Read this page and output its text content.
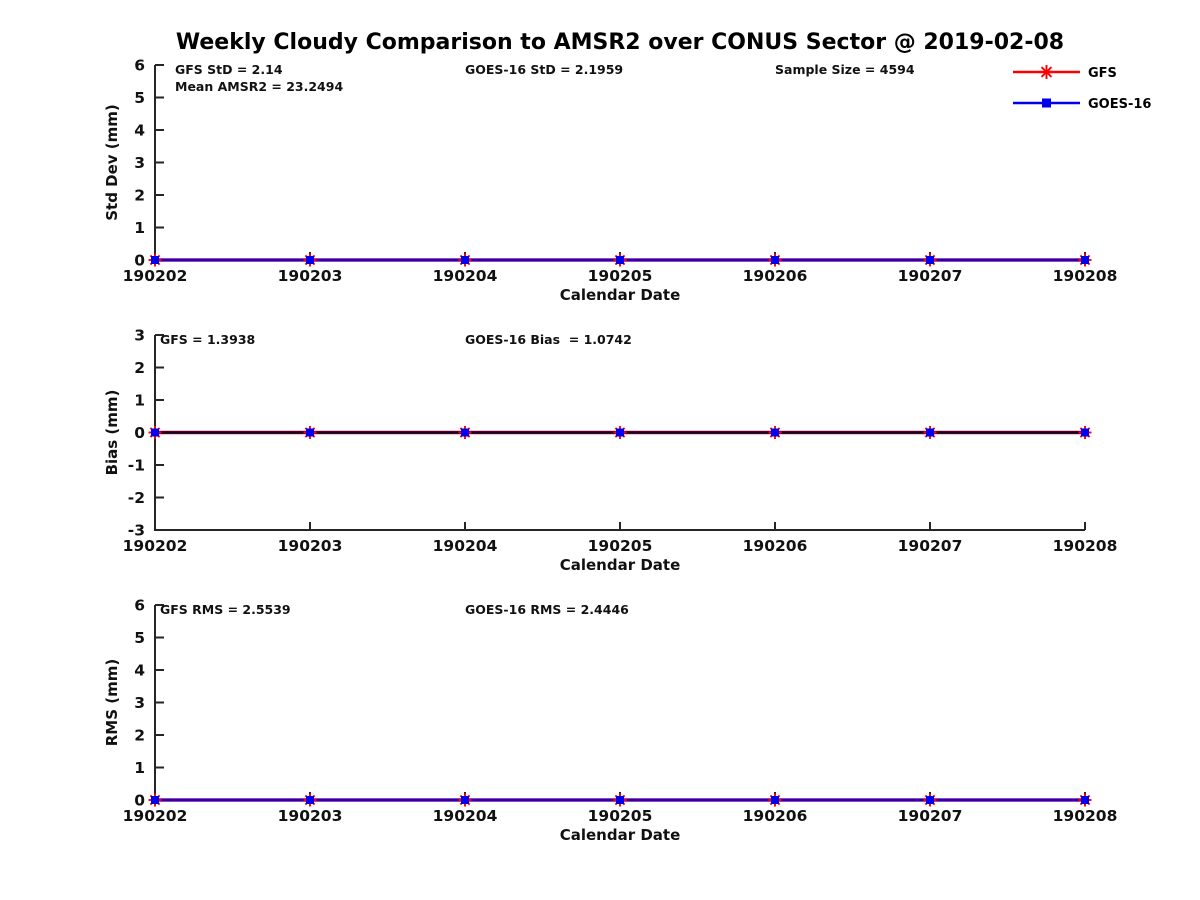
Weekly Cloudy Comparison to AMSR2 over CONUS Sector @ 2019-02-08
0
1
2
3
4
5
6
190202	190203	190204	190205	190206	190207	190208
Calendar Date
Std Dev (mm)
GFS StD = 2.14	GOES-16 StD = 2.1959	Sample Size = 4594
Mean AMSR2 = 23.2494
-3
-2
-1
0
1
2
3
190202	190203	190204	190205	190206	190207	190208
Calendar Date
Bias (mm)
GFS = 1.3938	GOES-16 Bias  = 1.0742
0
1
2
3
4
5
6
190202	190203	190204	190205	190206	190207	190208
Calendar Date
RMS (mm)
GFS RMS = 2.5539	GOES-16 RMS = 2.4446
GFS
GOES-16
